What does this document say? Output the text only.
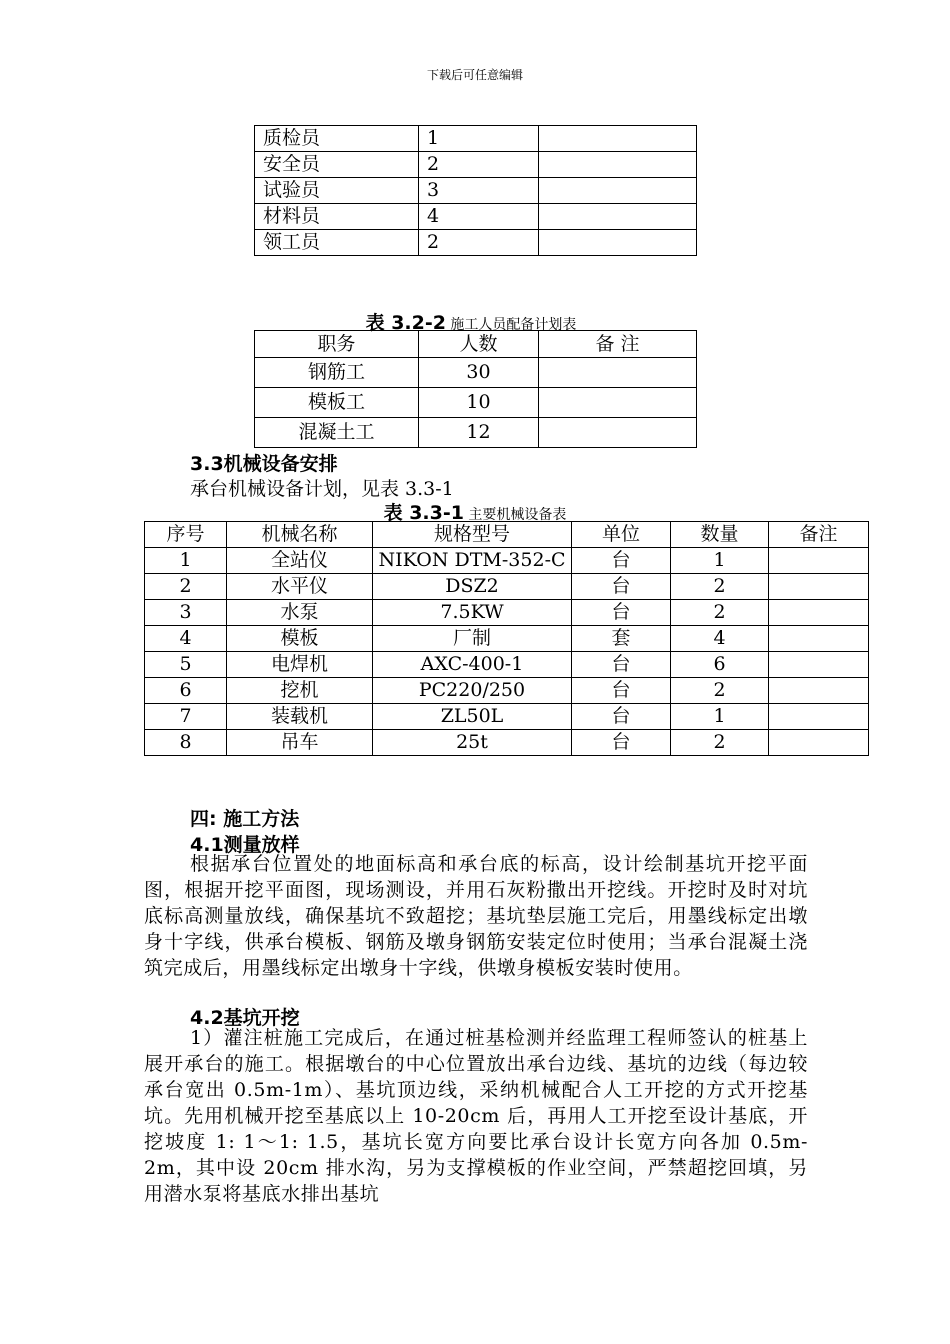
下载后可任意编辑
质检员	1	
安全员	2	
试验员	3	
材料员	4	
领工员	2	
表 3.2-2 施工人员配备计划表
职务	人数	备 注
钢筋工	30	
模板工	10	
混凝土工	12	
3.3机械设备安排
承台机械设备计划，见表 3.3-1
表 3.3-1 主要机械设备表
序号	机械名称	规格型号	单位	数量	备注
1	全站仪	NIKON DTM-352-C	台	1	
2	水平仪	DSZ2	台	2	
3	水泵	7.5KW	台	2	
4	模板	厂制	套	4	
5	电焊机	AXC-400-1	台	6	
6	挖机	PC220/250	台	2	
7	装载机	ZL50L	台	1	
8	吊车	25t	台	2	
四: 施工方法
4.1测量放样

根据承台位置处的地面标高和承台底的标高，设计绘制基坑开挖平面图，根据开挖平面图，现场测设，并用石灰粉撒出开挖线。开挖时及时对坑底标高测量放线，确保基坑不致超挖；基坑垫层施工完后，用墨线标定出墩身十字线，供承台模板、钢筋及墩身钢筋安装定位时使用；当承台混凝土浇筑完成后，用墨线标定出墩身十字线，供墩身模板安装时使用。

4.2基坑开挖

1）灌注桩施工完成后，在通过桩基检测并经监理工程师签认的桩基上展开承台的施工。根据墩台的中心位置放出承台边线、基坑的边线（每边较承台宽出 0.5m-1m）、基坑顶边线，采纳机械配合人工开挖的方式开挖基坑。先用机械开挖至基底以上 10-20cm 后，再用人工开挖至设计基底，开挖坡度 1: 1～1: 1.5，基坑长宽方向要比承台设计长宽方向各加 0.5m-2m，其中设 20cm 排水沟，另为支撑模板的作业空间，严禁超挖回填，另用潜水泵将基底水排出基坑
